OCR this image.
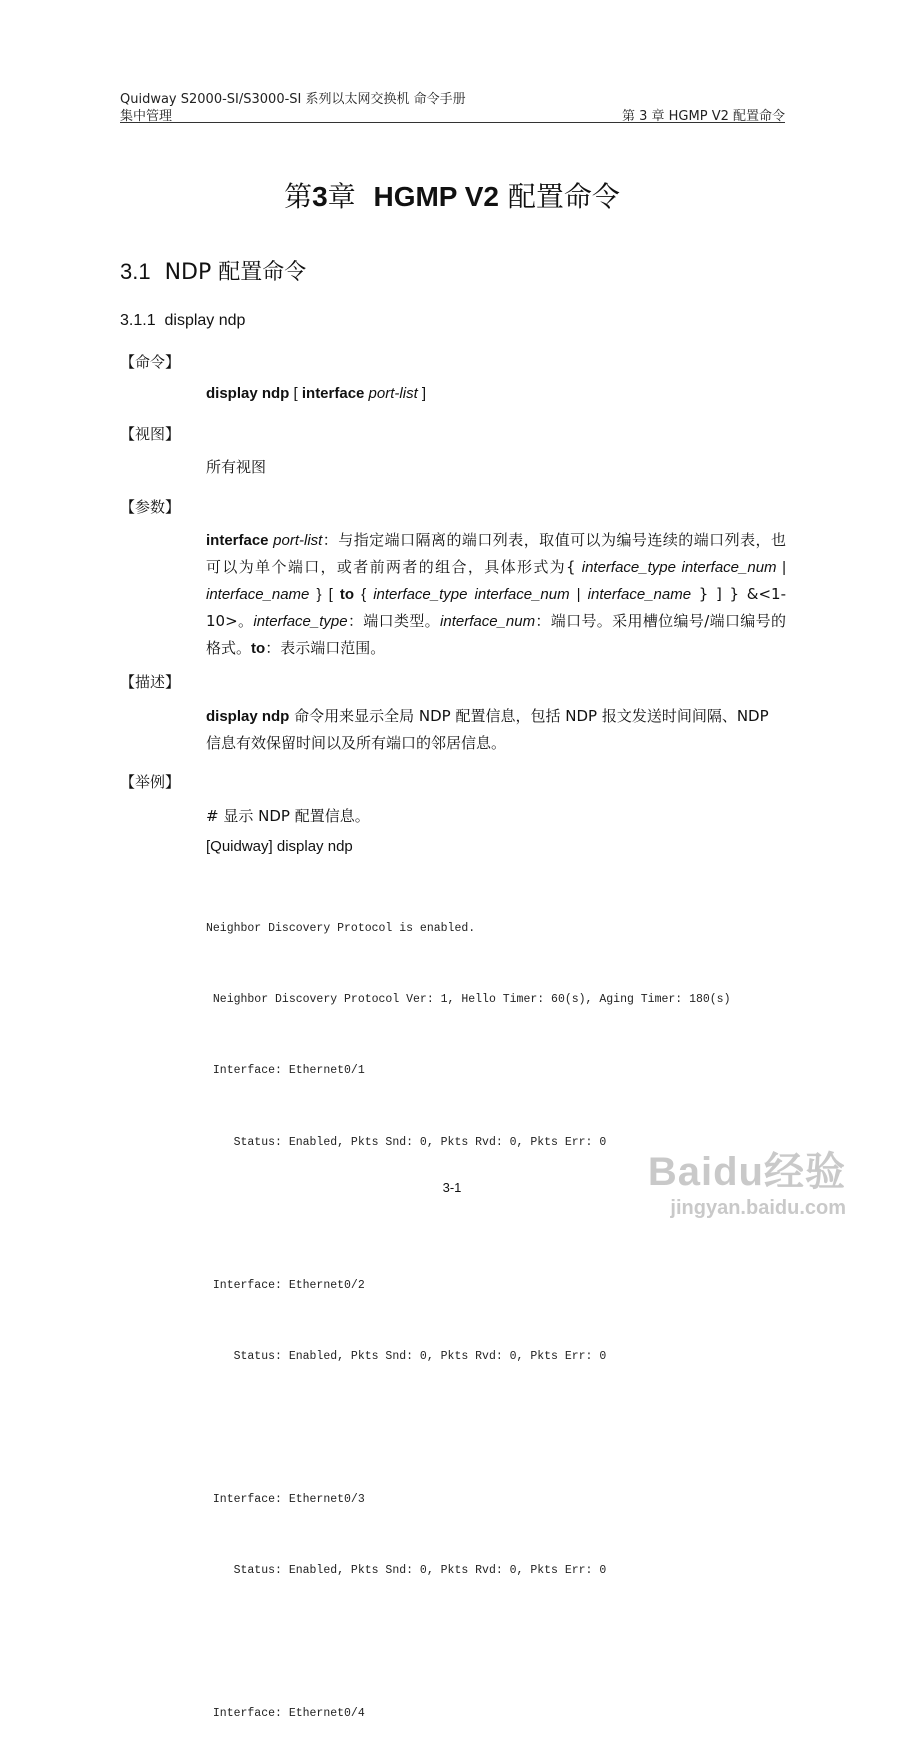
Quidway S2000-SI/S3000-SI 系列以太网交换机 命令手册
集中管理	第 3 章 HGMP V2 配置命令
第3章 HGMP V2 配置命令
3.1 NDP 配置命令
3.1.1 display ndp
【命令】
display ndp [ interface port-list ]
【视图】
所有视图
【参数】
interface port-list：与指定端口隔离的端口列表，取值可以为编号连续的端口列表，也可以为单个端口，或者前两者的组合，具体形式为{ interface_type interface_num | interface_name } [ to { interface_type interface_num | interface_name } ] } &<1-10>。interface_type：端口类型。interface_num：端口号。采用槽位编号/端口编号的格式。to：表示端口范围。
【描述】
display ndp 命令用来显示全局 NDP 配置信息，包括 NDP 报文发送时间间隔、NDP 信息有效保留时间以及所有端口的邻居信息。
【举例】
# 显示 NDP 配置信息。
[Quidway] display ndp

Neighbor Discovery Protocol is enabled.

Neighbor Discovery Protocol Ver: 1, Hello Timer: 60(s), Aging Timer: 180(s)

Interface: Ethernet0/1

Status: Enabled, Pkts Snd: 0, Pkts Rvd: 0, Pkts Err: 0

Interface: Ethernet0/2

Status: Enabled, Pkts Snd: 0, Pkts Rvd: 0, Pkts Err: 0

Interface: Ethernet0/3

Status: Enabled, Pkts Snd: 0, Pkts Rvd: 0, Pkts Err: 0

Interface: Ethernet0/4

3-1	Baidu经验
jingyan.baidu.com
